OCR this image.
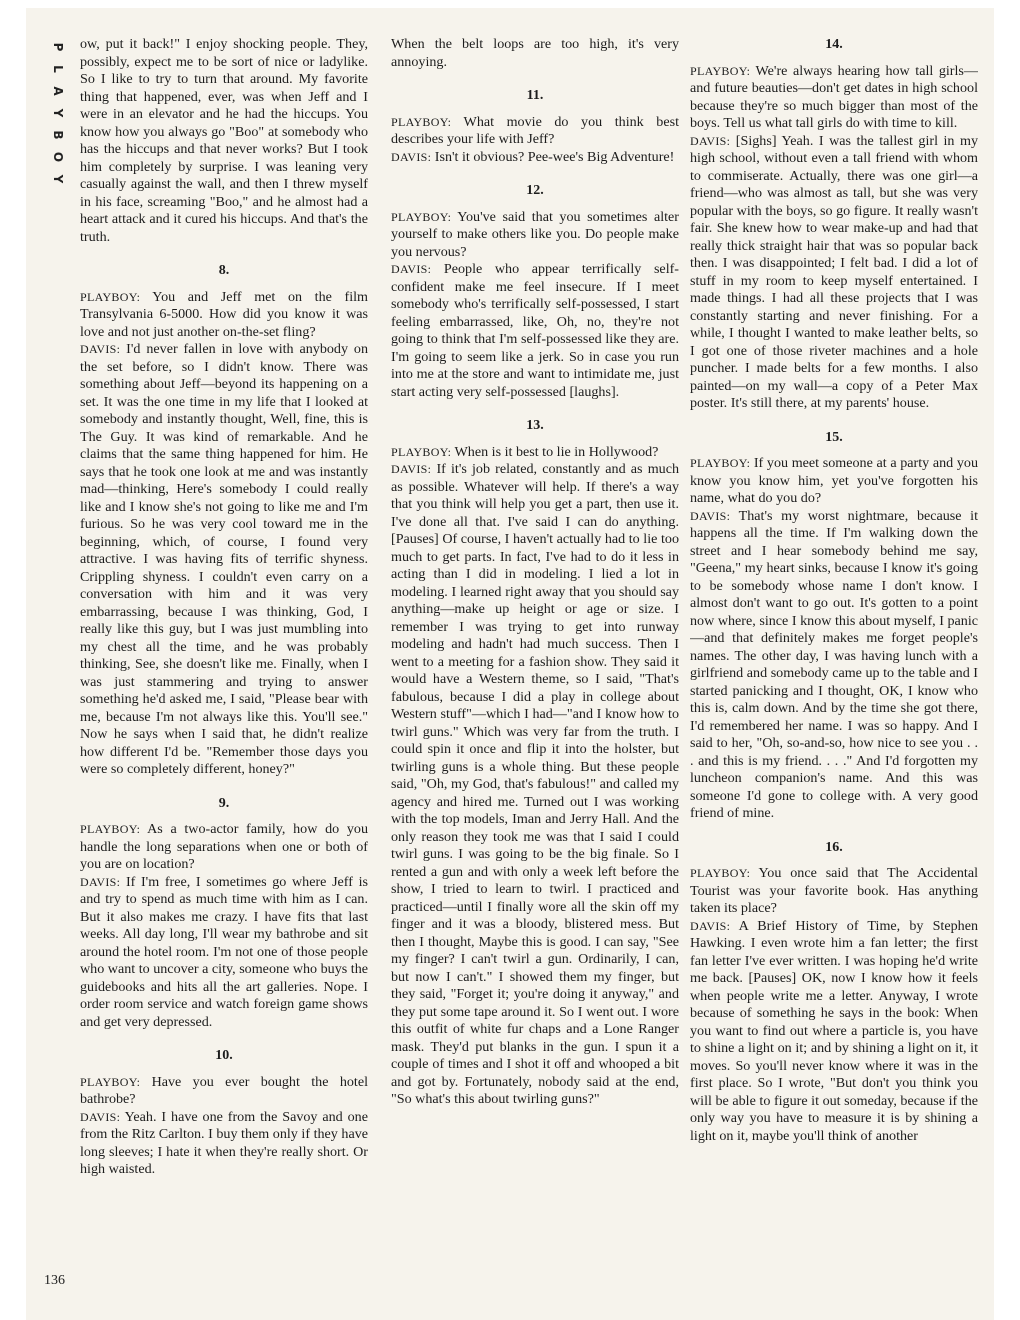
P
L
A
Y
B
O
Y
136

ow, put it back!" I enjoy shocking people. They, possibly, expect me to be sort of nice or ladylike. So I like to try to turn that around. My favorite thing that happened, ever, was when Jeff and I were in an elevator and he had the hiccups. You know how you always go "Boo" at somebody who has the hiccups and that never works? But I took him completely by surprise. I was leaning very casually against the wall, and then I threw myself in his face, screaming "Boo," and he almost had a heart attack and it cured his hiccups. And that's the truth.

8.

PLAYBOY: You and Jeff met on the film Transylvania 6-5000. How did you know it was love and not just another on-the-set fling?

DAVIS: I'd never fallen in love with anybody on the set before, so I didn't know. There was something about Jeff—beyond its happening on a set. It was the one time in my life that I looked at somebody and instantly thought, Well, fine, this is The Guy. It was kind of remarkable. And he claims that the same thing happened for him. He says that he took one look at me and was instantly mad—thinking, Here's somebody I could really like and I know she's not going to like me and I'm furious. So he was very cool toward me in the beginning, which, of course, I found very attractive. I was having fits of terrific shyness. Crippling shyness. I couldn't even carry on a conversation with him and it was very embarrassing, because I was thinking, God, I really like this guy, but I was just mumbling into my chest all the time, and he was probably thinking, See, she doesn't like me. Finally, when I was just stammering and trying to answer something he'd asked me, I said, "Please bear with me, because I'm not always like this. You'll see." Now he says when I said that, he didn't realize how different I'd be. "Remember those days you were so completely different, honey?"

9.

PLAYBOY: As a two-actor family, how do you handle the long separations when one or both of you are on location?

DAVIS: If I'm free, I sometimes go where Jeff is and try to spend as much time with him as I can. But it also makes me crazy. I have fits that last weeks. All day long, I'll wear my bathrobe and sit around the hotel room. I'm not one of those people who want to uncover a city, someone who buys the guidebooks and hits all the art galleries. Nope. I order room service and watch foreign game shows and get very depressed.

10.

PLAYBOY: Have you ever bought the hotel bathrobe?

DAVIS: Yeah. I have one from the Savoy and one from the Ritz Carlton. I buy them only if they have long sleeves; I hate it when they're really short. Or high waisted.

When the belt loops are too high, it's very annoying.

11.

PLAYBOY: What movie do you think best describes your life with Jeff?

DAVIS: Isn't it obvious? Pee-wee's Big Adventure!

12.

PLAYBOY: You've said that you sometimes alter yourself to make others like you. Do people make you nervous?

DAVIS: People who appear terrifically self-confident make me feel insecure. If I meet somebody who's terrifically self-possessed, I start feeling embarrassed, like, Oh, no, they're not going to think that I'm self-possessed like they are. I'm going to seem like a jerk. So in case you run into me at the store and want to intimidate me, just start acting very self-possessed [laughs].

13.

PLAYBOY: When is it best to lie in Hollywood?

DAVIS: If it's job related, constantly and as much as possible. Whatever will help. If there's a way that you think will help you get a part, then use it. I've done all that. I've said I can do anything. [Pauses] Of course, I haven't actually had to lie too much to get parts. In fact, I've had to do it less in acting than I did in modeling. I lied a lot in modeling. I learned right away that you should say anything—make up height or age or size. I remember I was trying to get into runway modeling and hadn't had much success. Then I went to a meeting for a fashion show. They said it would have a Western theme, so I said, "That's fabulous, because I did a play in college about Western stuff"—which I had—"and I know how to twirl guns." Which was very far from the truth. I could spin it once and flip it into the holster, but twirling guns is a whole thing. But these people said, "Oh, my God, that's fabulous!" and called my agency and hired me. Turned out I was working with the top models, Iman and Jerry Hall. And the only reason they took me was that I said I could twirl guns. I was going to be the big finale. So I rented a gun and with only a week left before the show, I tried to learn to twirl. I practiced and practiced—until I finally wore all the skin off my finger and it was a bloody, blistered mess. But then I thought, Maybe this is good. I can say, "See my finger? I can't twirl a gun. Ordinarily, I can, but now I can't." I showed them my finger, but they said, "Forget it; you're doing it anyway," and they put some tape around it. So I went out. I wore this outfit of white fur chaps and a Lone Ranger mask. They'd put blanks in the gun. I spun it a couple of times and I shot it off and whooped a bit and got by. Fortunately, nobody said at the end, "So what's this about twirling guns?"

14.

PLAYBOY: We're always hearing how tall girls—and future beauties—don't get dates in high school because they're so much bigger than most of the boys. Tell us what tall girls do with time to kill.

DAVIS: [Sighs] Yeah. I was the tallest girl in my high school, without even a tall friend with whom to commiserate. Actually, there was one girl—a friend—who was almost as tall, but she was very popular with the boys, so go figure. It really wasn't fair. She knew how to wear make-up and had that really thick straight hair that was so popular back then. I was disappointed; I felt bad. I did a lot of stuff in my room to keep myself entertained. I made things. I had all these projects that I was constantly starting and never finishing. For a while, I thought I wanted to make leather belts, so I got one of those riveter machines and a hole puncher. I made belts for a few months. I also painted—on my wall—a copy of a Peter Max poster. It's still there, at my parents' house.

15.

PLAYBOY: If you meet someone at a party and you know you know him, yet you've forgotten his name, what do you do?

DAVIS: That's my worst nightmare, because it happens all the time. If I'm walking down the street and I hear somebody behind me say, "Geena," my heart sinks, because I know it's going to be somebody whose name I don't know. I almost don't want to go out. It's gotten to a point now where, since I know this about myself, I panic—and that definitely makes me forget people's names. The other day, I was having lunch with a girlfriend and somebody came up to the table and I started panicking and I thought, OK, I know who this is, calm down. And by the time she got there, I'd remembered her name. I was so happy. And I said to her, "Oh, so-and-so, how nice to see you . . . and this is my friend. . . ." And I'd forgotten my luncheon companion's name. And this was someone I'd gone to college with. A very good friend of mine.

16.

PLAYBOY: You once said that The Accidental Tourist was your favorite book. Has anything taken its place?

DAVIS: A Brief History of Time, by Stephen Hawking. I even wrote him a fan letter; the first fan letter I've ever written. I was hoping he'd write me back. [Pauses] OK, now I know how it feels when people write me a letter. Anyway, I wrote because of something he says in the book: When you want to find out where a particle is, you have to shine a light on it; and by shining a light on it, it moves. So you'll never know where it was in the first place. So I wrote, "But don't you think you will be able to figure it out someday, because if the only way you have to measure it is by shining a light on it, maybe you'll think of another
